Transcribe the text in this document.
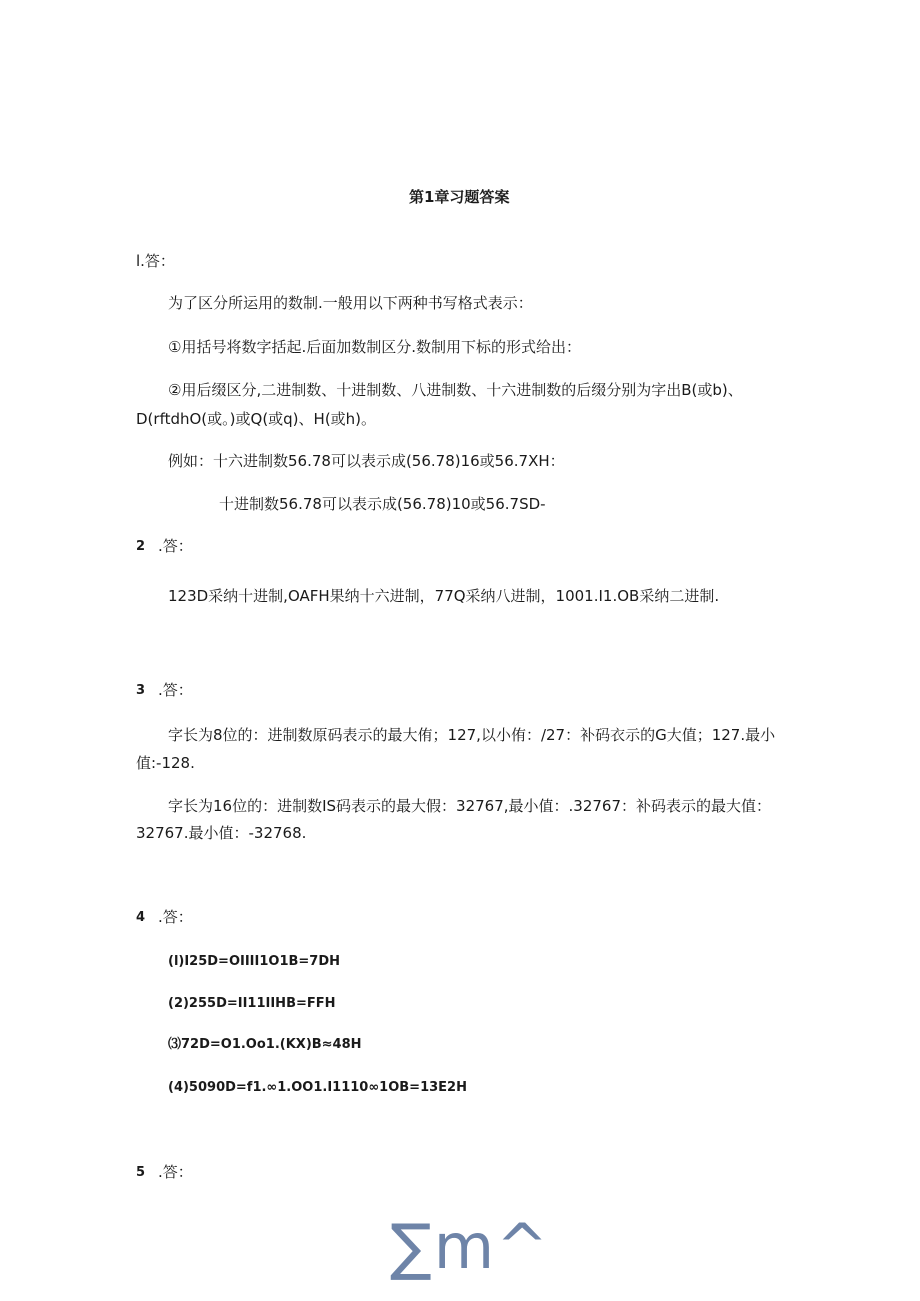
第1章习题答案

l.答：

为了区分所运用的数制.一般用以下两种书写格式表示：

①用括号将数字括起.后面加数制区分.数制用下标的形式给出：

②用后缀区分,二进制数、十进制数、八进制数、十六进制数的后缀分别为字出B(或b)、

D(rftdhO(或。)或Q(或q)、H(或h)。

例如：十六进制数56.78可以表示成(56.78)16或56.7XH：

十进制数56.78可以表示成(56.78)10或56.7SD-

2 .答：

123D采纳十进制,OAFH果纳十六进制，77Q采纳八进制，1001.I1.OB采纳二进制.

3 .答：

字长为8位的：进制数原码表示的最大侑；127,以小侑：/27：补码衣示的G大值；127.最小

值:-128.

字长为16位的：进制数IS码表示的最大假：32767,最小值：.32767：补码表示的最大值：

32767.最小值：-32768.

4 .答：

(l)I25D=OIIII1O1B=7DH

(2)255D=II11IIHB=FFH

⑶72D=O1.Oo1.(KX)B≈48H

(4)5090D=f1.∞1.OO1.I1110∞1OB=13E2H

5 .答：

∑m^
